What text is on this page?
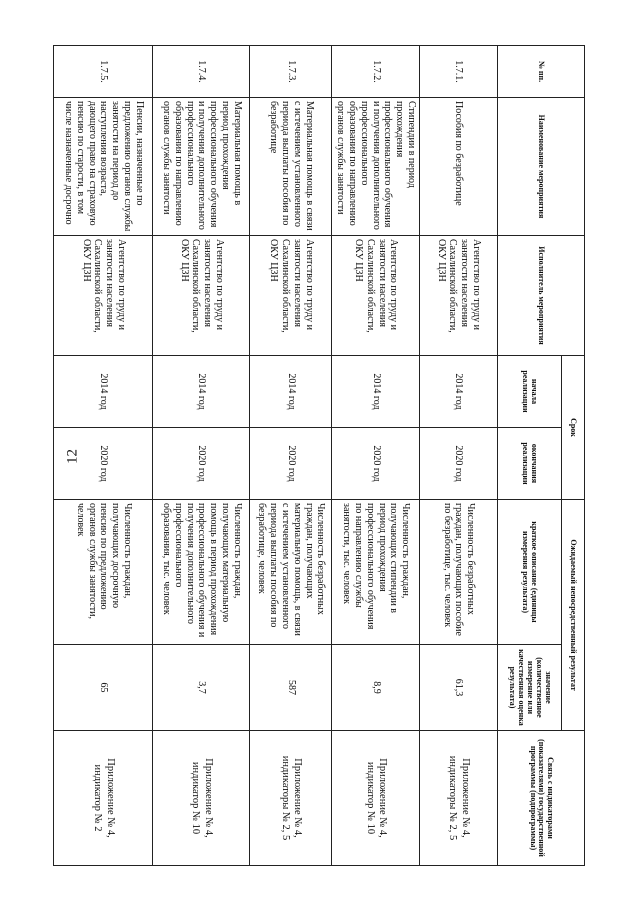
12
№ пп.	Наименование мероприятия	Исполнитель мероприятия	Срок		Ожидаемый непосредственный результат		Связь с индикаторами (показателями) государственной программы (подпрограммы)
			начала реализации	окончания реализации	краткое описание (единицы измерения результата)	значение (количественное измерение или качественная оценка результата)	
1.7.1.	Пособия по безработице	Агентство по труду и занятости населения Сахалинской области, ОКУ ЦЗН	2014 год	2020 год	Численность безработных граждан, получающих пособие по безработице, тыс. человек	61,3	Приложение № 4, индикаторы № 2, 5
1.7.2.	Стипендии в период прохождения профессионального обучения и получения дополнительного профессионального образования по направлению органов службы занятости	Агентство по труду и занятости населения Сахалинской области, ОКУ ЦЗН	2014 год	2020 год	Численность граждан, получающих стипендии в период прохождения профессионального обучения по направлению службы занятости, тыс. человек	8,9	Приложение № 4, индикатор № 10
1.7.3.	Материальная помощь в связи с истечением установленного периода выплаты пособия по безработице	Агентство по труду и занятости населения Сахалинской области, ОКУ ЦЗН	2014 год	2020 год	Численность безработных граждан, получающих материальную помощь, в связи с истечением установленного периода выплаты пособия по безработице, человек	587	Приложение № 4, индикаторы № 2, 5
1.7.4.	Материальная помощь в период прохождения профессионального обучения и получения дополнительного профессионального образования по направлению органов службы занятости	Агентство по труду и занятости населения Сахалинской области, ОКУ ЦЗН	2014 год	2020 год	Численность граждан, получающих материальную помощь в период прохождения профессионального обучения и получения дополнительного профессионального образования, тыс. человек	3,7	Приложение № 4, индикатор № 10
1.7.5.	Пенсии, назначенные по предложению органов службы занятости на период до наступления возраста, дающего право на страховую пенсию по старости, в том числе назначенные досрочно	Агентство по труду и занятости населения Сахалинской области, ОКУ ЦЗН	2014 год	2020 год	Численность граждан, получающих досрочную пенсию по предложению органов службы занятости, человек	65	Приложение № 4, индикатор № 2
